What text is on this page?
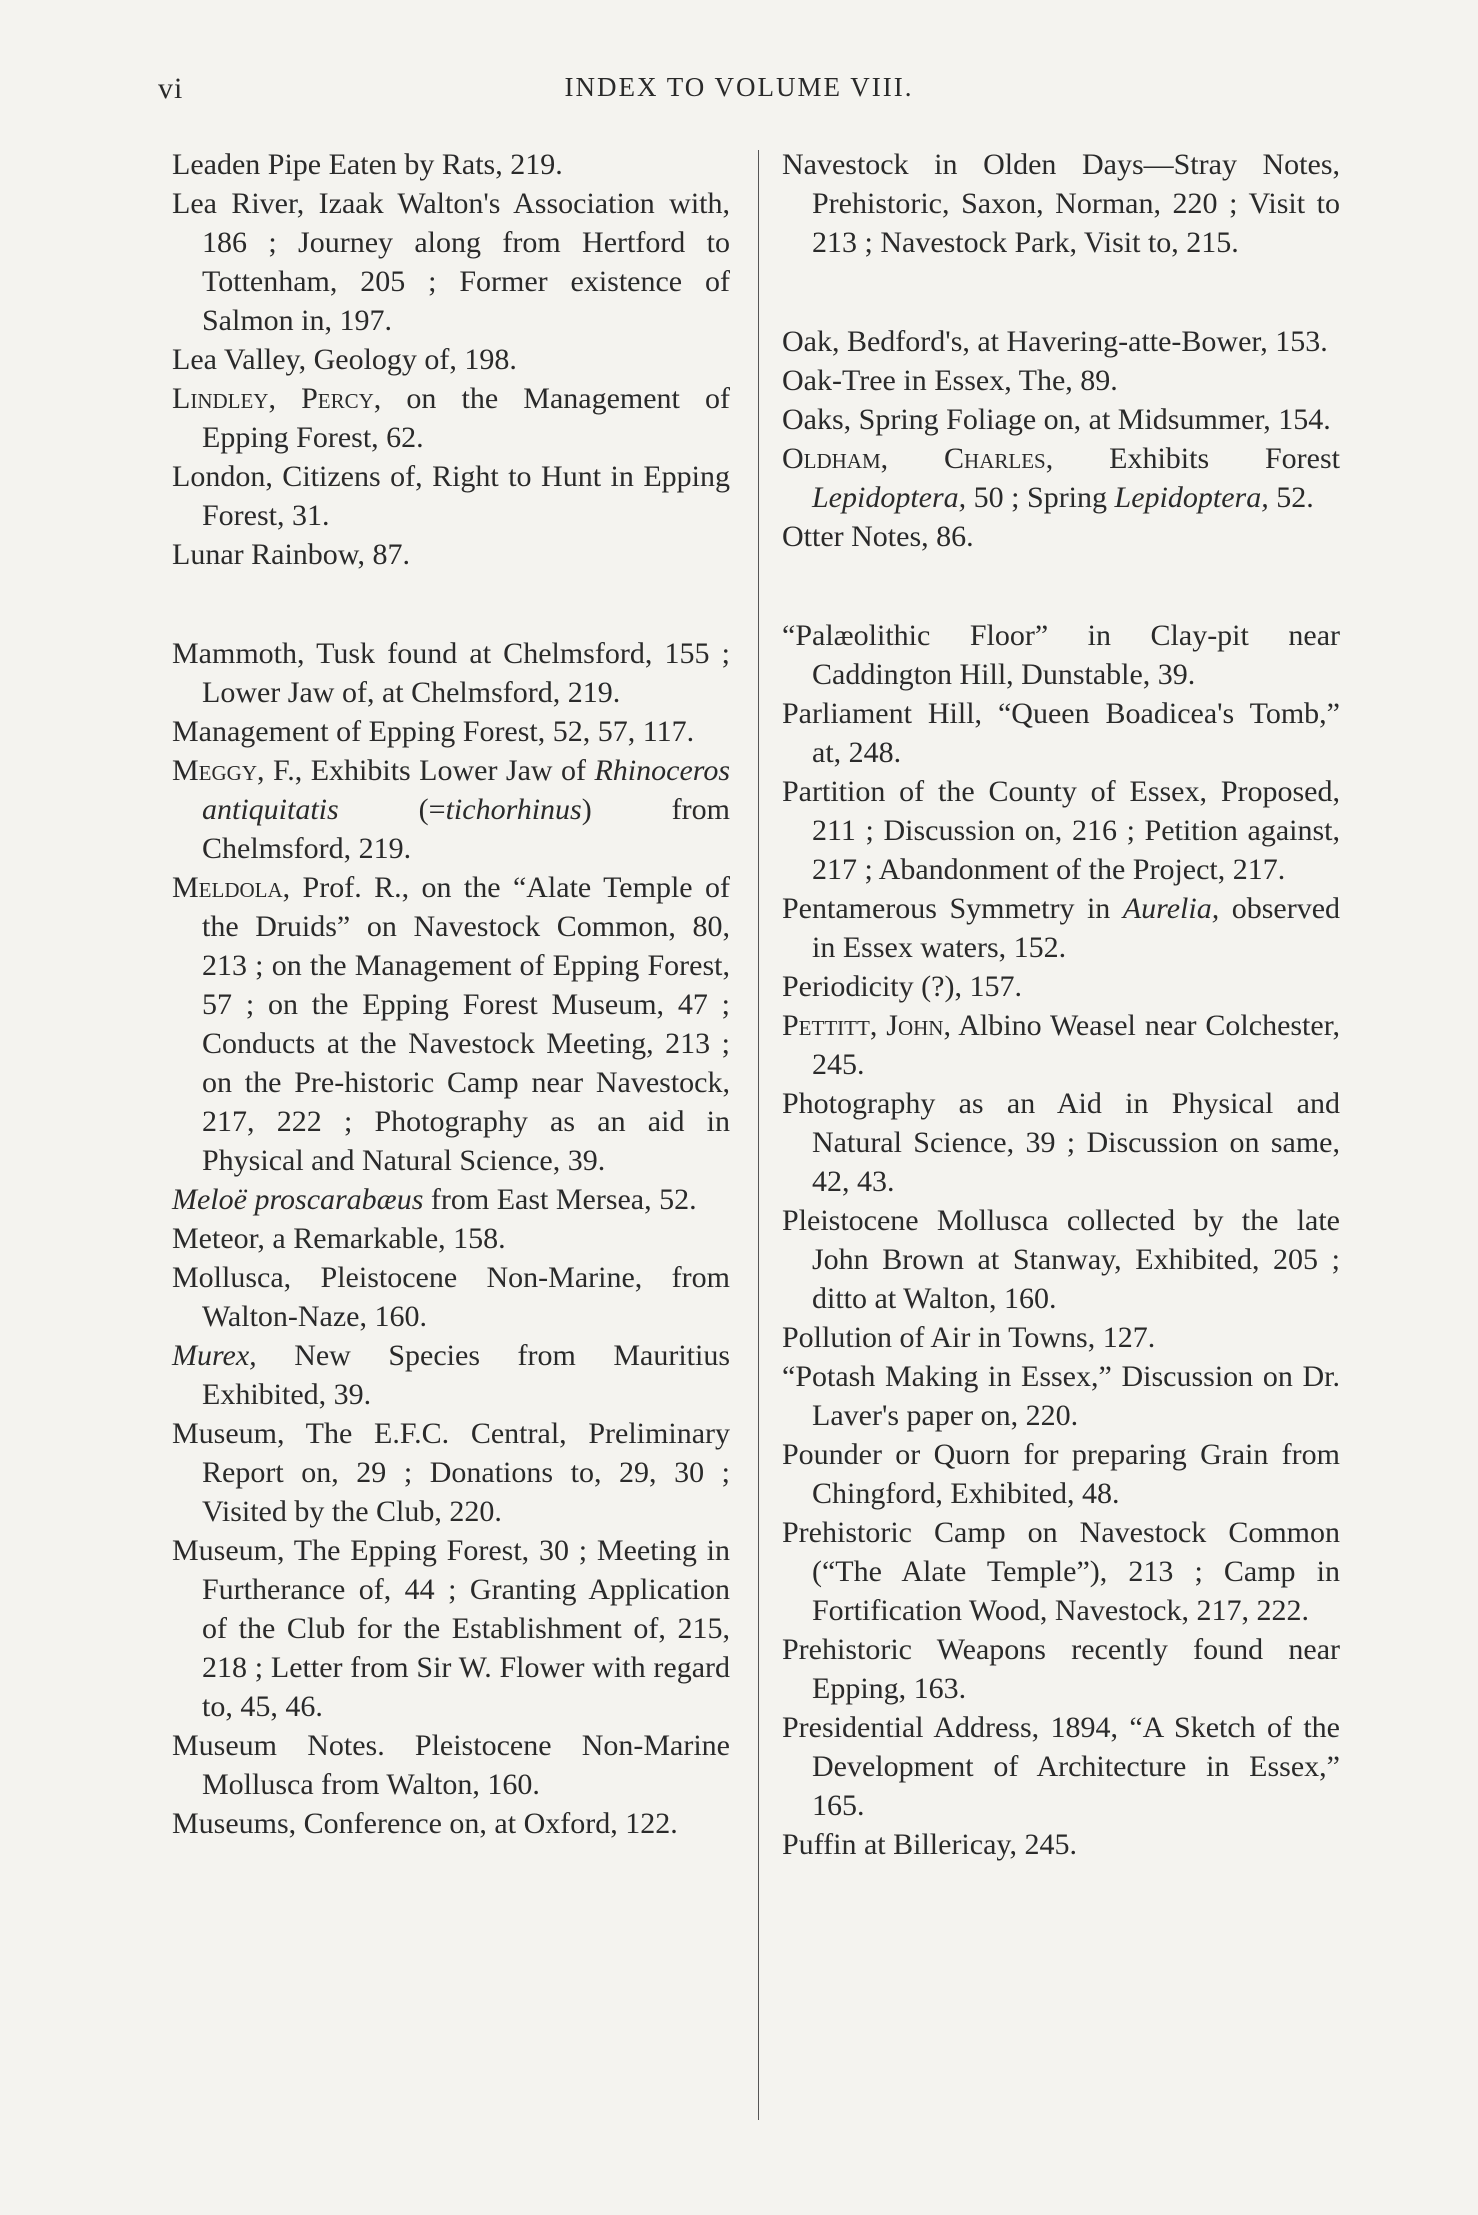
vi	INDEX TO VOLUME VIII.

Leaden Pipe Eaten by Rats, 219.

Lea River, Izaak Walton's Association with, 186 ; Journey along from Hertford to Tottenham, 205 ; Former existence of Salmon in, 197.

Lea Valley, Geology of, 198.

Lindley, Percy, on the Management of Epping Forest, 62.

London, Citizens of, Right to Hunt in Epping Forest, 31.

Lunar Rainbow, 87.

Mammoth, Tusk found at Chelmsford, 155 ; Lower Jaw of, at Chelmsford, 219.

Management of Epping Forest, 52, 57, 117.

Meggy, F., Exhibits Lower Jaw of Rhinoceros antiquitatis (=tichorhinus) from Chelmsford, 219.

Meldola, Prof. R., on the “Alate Temple of the Druids” on Navestock Common, 80, 213 ; on the Management of Epping Forest, 57 ; on the Epping Forest Museum, 47 ; Conducts at the Navestock Meeting, 213 ; on the Pre-historic Camp near Navestock, 217, 222 ; Photography as an aid in Physical and Natural Science, 39.

Meloë proscarabæus from East Mersea, 52.

Meteor, a Remarkable, 158.

Mollusca, Pleistocene Non-Marine, from Walton-Naze, 160.

Murex, New Species from Mauritius Exhibited, 39.

Museum, The E.F.C. Central, Preliminary Report on, 29 ; Donations to, 29, 30 ; Visited by the Club, 220.

Museum, The Epping Forest, 30 ; Meeting in Furtherance of, 44 ; Granting Application of the Club for the Establishment of, 215, 218 ; Letter from Sir W. Flower with regard to, 45, 46.

Museum Notes. Pleistocene Non-Marine Mollusca from Walton, 160.

Museums, Conference on, at Oxford, 122.

Navestock in Olden Days—Stray Notes, Prehistoric, Saxon, Norman, 220 ; Visit to 213 ; Navestock Park, Visit to, 215.

Oak, Bedford's, at Havering-atte-Bower, 153.

Oak-Tree in Essex, The, 89.

Oaks, Spring Foliage on, at Midsummer, 154.

Oldham, Charles, Exhibits Forest Lepidoptera, 50 ; Spring Lepidoptera, 52.

Otter Notes, 86.

“Palæolithic Floor” in Clay-pit near Caddington Hill, Dunstable, 39.

Parliament Hill, “Queen Boadicea's Tomb,” at, 248.

Partition of the County of Essex, Proposed, 211 ; Discussion on, 216 ; Petition against, 217 ; Abandonment of the Project, 217.

Pentamerous Symmetry in Aurelia, observed in Essex waters, 152.

Periodicity (?), 157.

Pettitt, John, Albino Weasel near Colchester, 245.

Photography as an Aid in Physical and Natural Science, 39 ; Discussion on same, 42, 43.

Pleistocene Mollusca collected by the late John Brown at Stanway, Exhibited, 205 ; ditto at Walton, 160.

Pollution of Air in Towns, 127.

“Potash Making in Essex,” Discussion on Dr. Laver's paper on, 220.

Pounder or Quorn for preparing Grain from Chingford, Exhibited, 48.

Prehistoric Camp on Navestock Common (“The Alate Temple”), 213 ; Camp in Fortification Wood, Navestock, 217, 222.

Prehistoric Weapons recently found near Epping, 163.

Presidential Address, 1894, “A Sketch of the Development of Architecture in Essex,” 165.

Puffin at Billericay, 245.
